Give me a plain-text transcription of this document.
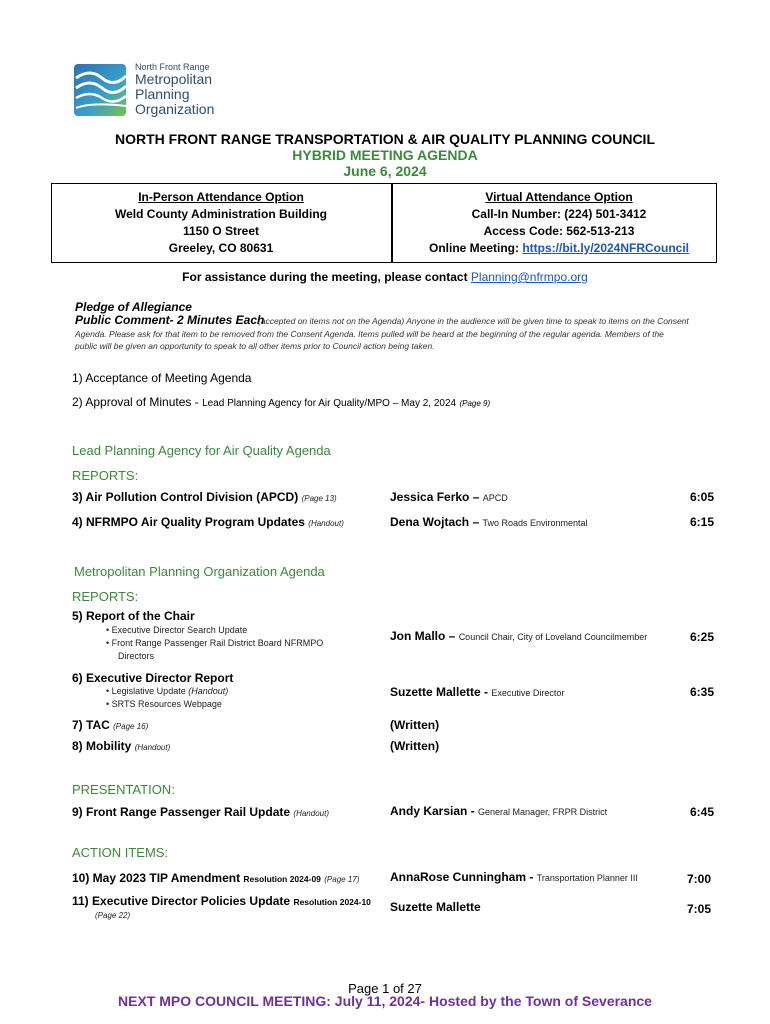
North Front Range
Metropolitan
Planning
Organization
NORTH FRONT RANGE TRANSPORTATION & AIR QUALITY PLANNING COUNCIL
HYBRID MEETING AGENDA
June 6, 2024
In-Person Attendance Option
Weld County Administration Building
1150 O Street
Greeley, CO 80631
Virtual Attendance Option
Call-In Number: (224) 501-3412
Access Code: 562-513-213
Online Meeting: https://bit.ly/2024NFRCouncil
For assistance during the meeting, please contact Planning@nfrmpo.org
Pledge of Allegiance
Public Comment- 2 Minutes Each
(accepted on items not on the Agenda) Anyone in the audience will be given time to speak to items on the Consent
Agenda. Please ask for that item to be removed from the Consent Agenda. Items pulled will be heard at the beginning of the regular agenda. Members of the
public will be given an opportunity to speak to all other items prior to Council action being taken.
1) Acceptance of Meeting Agenda
2) Approval of Minutes - Lead Planning Agency for Air Quality/MPO – May 2, 2024 (Page 9)
Lead Planning Agency for Air Quality Agenda
REPORTS:
3) Air Pollution Control Division (APCD) (Page 13)	Jessica Ferko – APCD	6:05
4) NFRMPO Air Quality Program Updates (Handout)	Dena Wojtach – Two Roads Environmental	6:15
Metropolitan Planning Organization Agenda
REPORTS:
5) Report of the Chair
• Executive Director Search Update
• Front Range Passenger Rail District Board NFRMPO
Directors
Jon Mallo – Council Chair, City of Loveland Councilmember	6:25
6) Executive Director Report
• Legislative Update (Handout)
• SRTS Resources Webpage
Suzette Mallette - Executive Director	6:35
7) TAC (Page 16)	(Written)
8) Mobility (Handout)	(Written)
PRESENTATION:
9) Front Range Passenger Rail Update (Handout)	Andy Karsian - General Manager, FRPR District	6:45
ACTION ITEMS:
10) May 2023 TIP Amendment Resolution 2024-09 (Page 17)	AnnaRose Cunningham - Transportation Planner III	7:00
11) Executive Director Policies Update Resolution 2024-10
(Page 22)
Suzette Mallette	7:05
Page 1 of 27
NEXT MPO COUNCIL MEETING: July 11, 2024- Hosted by the Town of Severance
